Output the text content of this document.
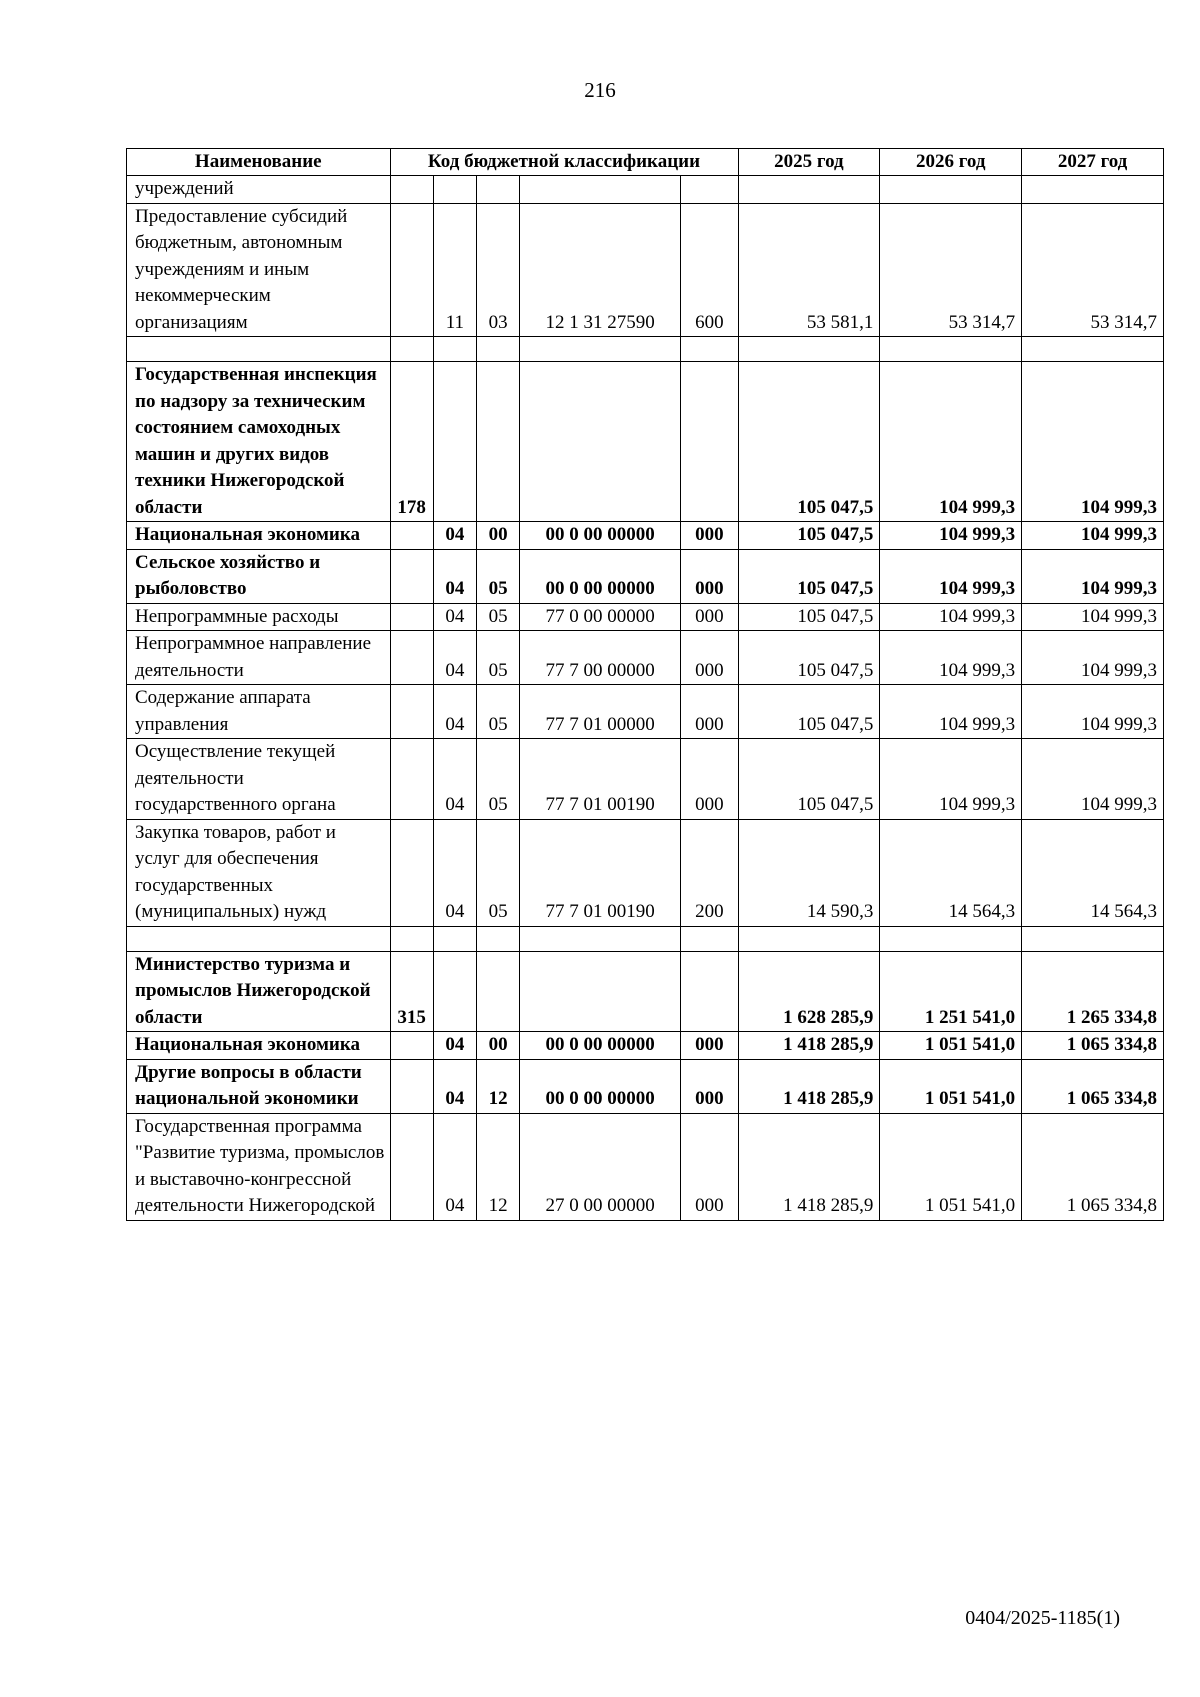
216
Наименование	Код бюджетной классификации					2025 год	2026 год	2027 год
учреждений								
Предоставление субсидий бюджетным, автономным учреждениям и иным некоммерческим организациям		11	03	12 1 31 27590	600	53 581,1	53 314,7	53 314,7

Государственная инспекция по надзору за техническим состоянием самоходных машин и других видов техники Нижегородской области	178					105 047,5	104 999,3	104 999,3
Национальная экономика		04	00	00 0 00 00000	000	105 047,5	104 999,3	104 999,3
Сельское хозяйство и рыболовство		04	05	00 0 00 00000	000	105 047,5	104 999,3	104 999,3
Непрограммные расходы		04	05	77 0 00 00000	000	105 047,5	104 999,3	104 999,3
Непрограммное направление деятельности		04	05	77 7 00 00000	000	105 047,5	104 999,3	104 999,3
Содержание аппарата управления		04	05	77 7 01 00000	000	105 047,5	104 999,3	104 999,3
Осуществление текущей деятельности государственного органа		04	05	77 7 01 00190	000	105 047,5	104 999,3	104 999,3
Закупка товаров, работ и услуг для обеспечения государственных (муниципальных) нужд		04	05	77 7 01 00190	200	14 590,3	14 564,3	14 564,3

Министерство туризма и промыслов Нижегородской области	315					1 628 285,9	1 251 541,0	1 265 334,8
Национальная экономика		04	00	00 0 00 00000	000	1 418 285,9	1 051 541,0	1 065 334,8
Другие вопросы в области национальной экономики		04	12	00 0 00 00000	000	1 418 285,9	1 051 541,0	1 065 334,8
Государственная программа "Развитие туризма, промыслов и выставочно-конгрессной деятельности Нижегородской		04	12	27 0 00 00000	000	1 418 285,9	1 051 541,0	1 065 334,8
0404/2025-1185(1)
